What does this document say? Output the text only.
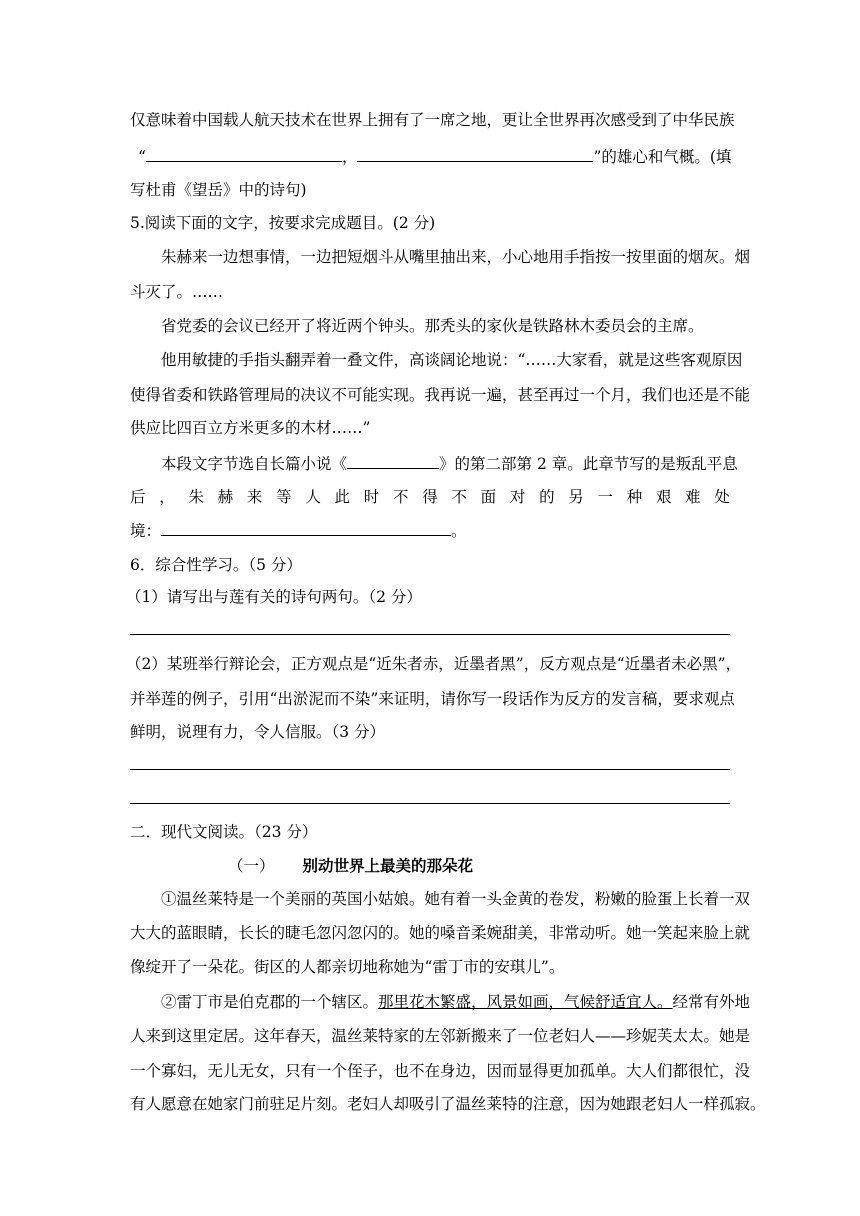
仅意味着中国载人航天技术在世界上拥有了一席之地，更让全世界再次感受到了中华民族
“	，	”的雄心和气概。(填
写杜甫《望岳》中的诗句)
5.阅读下面的文字，按要求完成题目。(2 分)
朱赫来一边想事情，一边把短烟斗从嘴里抽出来，小心地用手指按一按里面的烟灰。烟
斗灭了。……
省党委的会议已经开了将近两个钟头。那秃头的家伙是铁路林木委员会的主席。
他用敏捷的手指头翻弄着一叠文件，高谈阔论地说：“……大家看，就是这些客观原因
使得省委和铁路管理局的决议不可能实现。我再说一遍，甚至再过一个月，我们也还是不能
供应比四百立方米更多的木材……”
本段文字节选自长篇小说《	》的第二部第 2 章。此章节写的是叛乱平息
后 ， 朱 赫 来 等 人 此 时 不 得 不 面 对 的 另 一 种 艰 难 处
境：	。
6．综合性学习。（5 分）
（1）请写出与莲有关的诗句两句。（2 分）
（2）某班举行辩论会，正方观点是“近朱者赤，近墨者黑”，反方观点是“近墨者未必黑”，
并举莲的例子，引用“出淤泥而不染”来证明，请你写一段话作为反方的发言稿，要求观点
鲜明，说理有力，令人信服。（3 分）
二．现代文阅读。（23 分）
（一） 别动世界上最美的那朵花
①温丝莱特是一个美丽的英国小姑娘。她有着一头金黄的卷发，粉嫩的脸蛋上长着一双
大大的蓝眼睛，长长的睫毛忽闪忽闪的。她的嗓音柔婉甜美，非常动听。她一笑起来脸上就
像绽开了一朵花。街区的人都亲切地称她为“雷丁市的安琪儿”。
②雷丁市是伯克郡的一个辖区。那里花木繁盛，风景如画，气候舒适宜人。经常有外地
人来到这里定居。这年春天，温丝莱特家的左邻新搬来了一位老妇人——珍妮芙太太。她是
一个寡妇，无儿无女，只有一个侄子，也不在身边，因而显得更加孤单。大人们都很忙，没
有人愿意在她家门前驻足片刻。老妇人却吸引了温丝莱特的注意，因为她跟老妇人一样孤寂。
